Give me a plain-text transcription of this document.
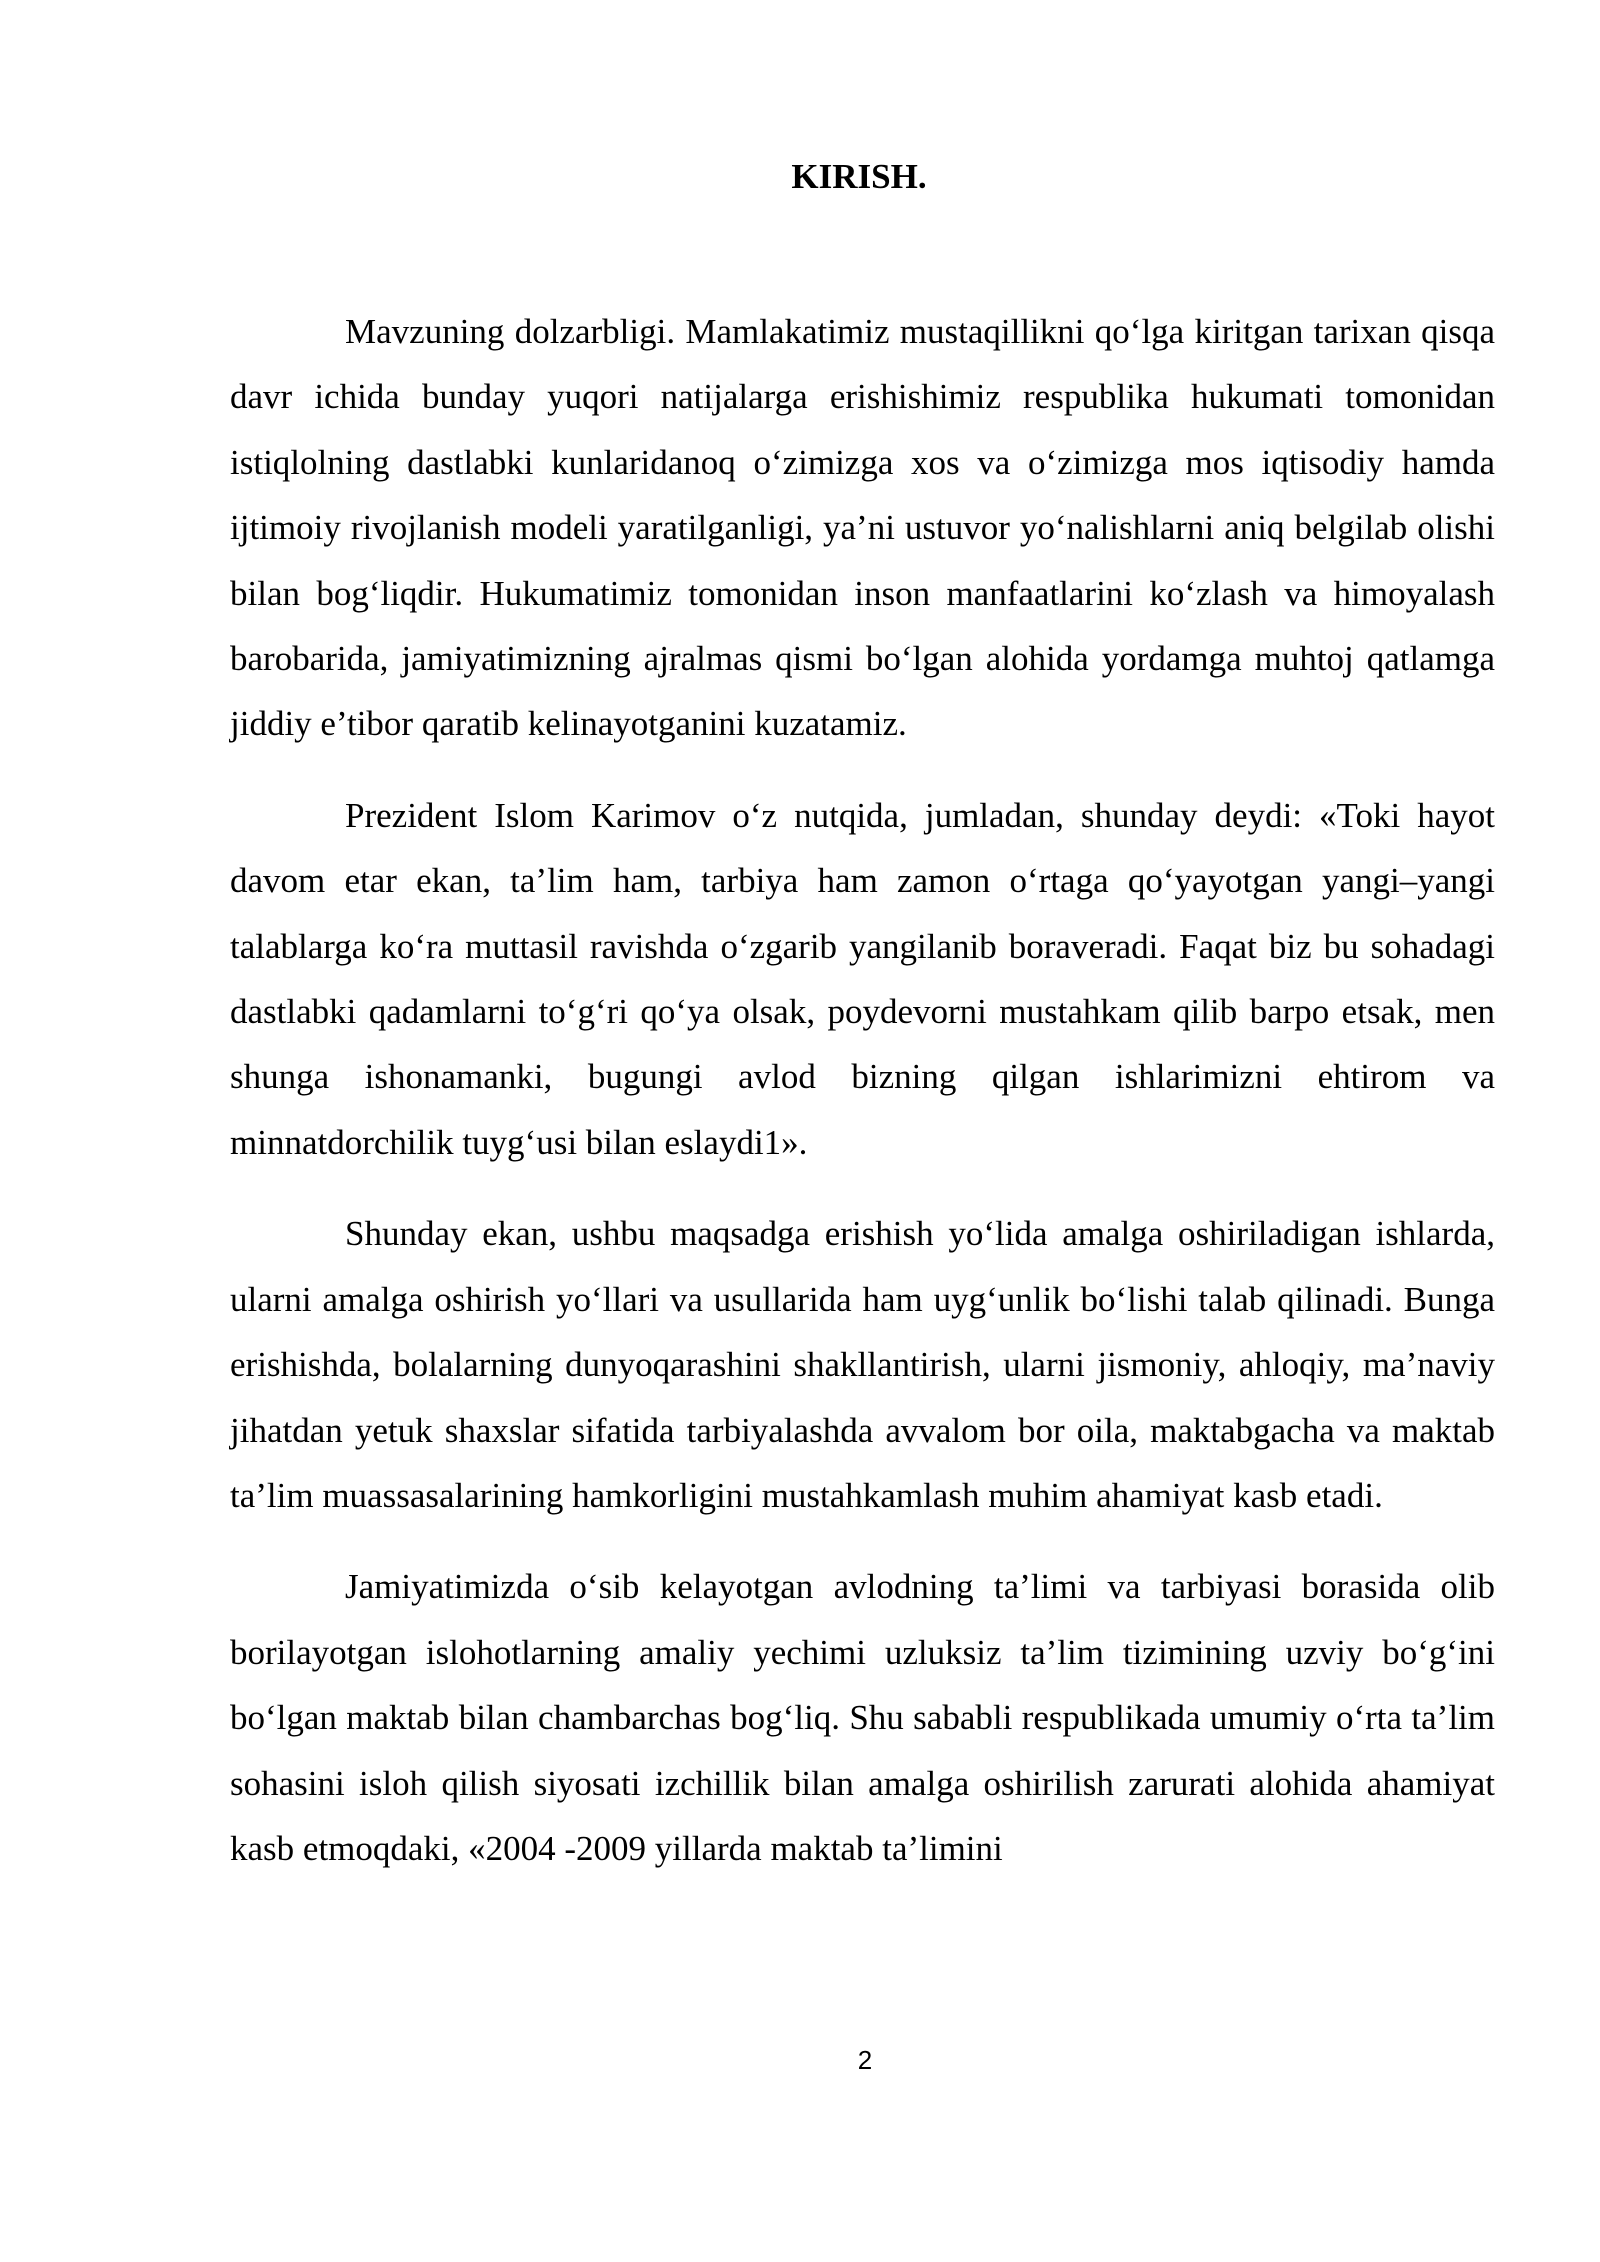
KIRISH.

Mavzuning dolzarbligi. Mamlakatimiz mustaqillikni qo‘lga kiritgan tarixan qisqa davr ichida bunday yuqori natijalarga erishishimiz respublika hukumati tomonidan istiqlolning dastlabki kunlaridanoq o‘zimizga xos va o‘zimizga mos iqtisodiy hamda ijtimoiy rivojlanish modeli yaratilganligi, ya’ni ustuvor yo‘nalishlarni aniq belgilab olishi bilan bog‘liqdir. Hukumatimiz tomonidan inson manfaatlarini ko‘zlash va himoyalash barobarida, jamiyatimizning ajralmas qismi bo‘lgan alohida yordamga muhtoj qatlamga jiddiy e’tibor qaratib kelinayotganini kuzatamiz.

Prezident Islom Karimov o‘z nutqida, jumladan, shunday deydi: «Toki hayot davom etar ekan, ta’lim ham, tarbiya ham zamon o‘rtaga qo‘yayotgan yangi–yangi talablarga ko‘ra muttasil ravishda o‘zgarib yangilanib boraveradi. Faqat biz bu sohadagi dastlabki qadamlarni to‘g‘ri qo‘ya olsak, poydevorni mustahkam qilib barpo etsak, men shunga ishonamanki, bugungi avlod bizning qilgan ishlarimizni ehtirom va minnatdorchilik tuyg‘usi bilan eslaydi1».

Shunday ekan, ushbu maqsadga erishish yo‘lida amalga oshiriladigan ishlarda, ularni amalga oshirish yo‘llari va usullarida ham uyg‘unlik bo‘lishi talab qilinadi. Bunga erishishda, bolalarning dunyoqarashini shakllantirish, ularni jismoniy, ahloqiy, ma’naviy jihatdan yetuk shaxslar sifatida tarbiyalashda avvalom bor oila, maktabgacha va maktab ta’lim muassasalarining hamkorligini mustahkamlash muhim ahamiyat kasb etadi.

Jamiyatimizda o‘sib kelayotgan avlodning ta’limi va tarbiyasi borasida olib borilayotgan islohotlarning amaliy yechimi uzluksiz ta’lim tizimining uzviy bo‘g‘ini bo‘lgan maktab bilan chambarchas bog‘liq. Shu sababli respublikada umumiy o‘rta ta’lim sohasini isloh qilish siyosati izchillik bilan amalga oshirilish zarurati alohida ahamiyat kasb etmoqdaki, «2004 -2009 yillarda maktab ta’limini

2
